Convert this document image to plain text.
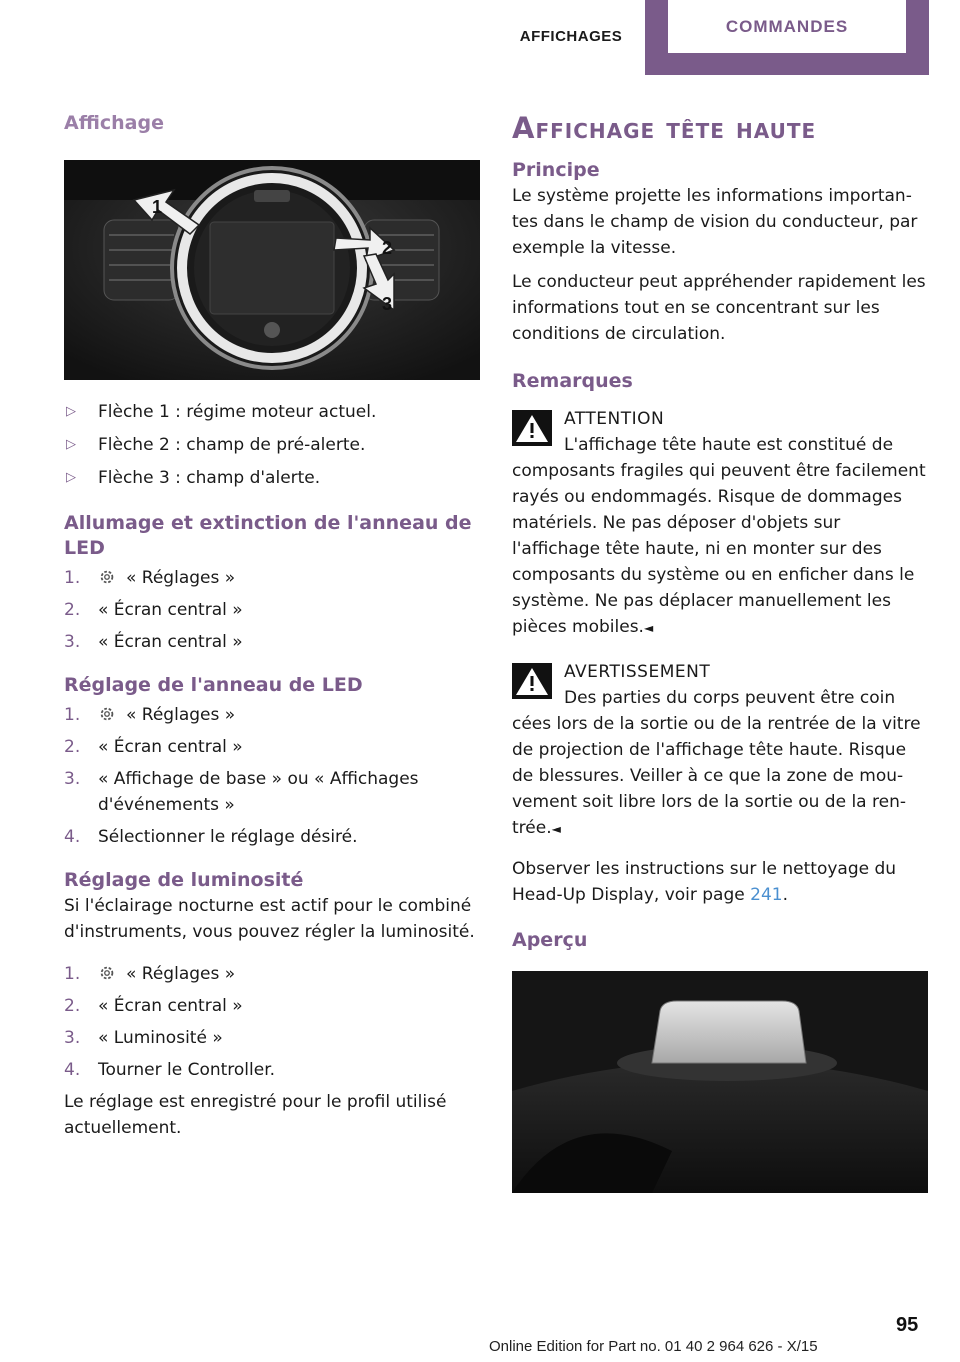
AFFICHAGES
COMMANDES
Affichage
1
2
3
▷ Flèche 1 : régime moteur actuel.
▷ Flèche 2 : champ de pré-alerte.
▷ Flèche 3 : champ d'alerte.
Allumage et extinction de l'anneau de LED
1.	« Réglages »
2. « Écran central »
3. « Écran central »
Réglage de l'anneau de LED
1.	« Réglages »
2. « Écran central »
3. « Affichage de base » ou « Affichages d'événements »
4. Sélectionner le réglage désiré.
Réglage de luminosité

Si l'éclairage nocturne est actif pour le combiné d'instruments, vous pouvez régler la luminosité.

1.	« Réglages »
2. « Écran central »
3. « Luminosité »
4. Tourner le Controller.

Le réglage est enregistré pour le profil utilisé actuellement.

Affichage tête haute
Principe

Le système projette les informations importantes dans le champ de vision du conducteur, par exemple la vitesse.

Le conducteur peut appréhender rapidement les informations tout en se concentrant sur les conditions de circulation.

Remarques
ATTENTION
L'affichage tête haute est constitué de

composants fragiles qui peuvent être facilement rayés ou endommagés. Risque de dommages matériels. Ne pas déposer d'objets sur l'affichage tête haute, ni en monter sur des composants du système ou en enficher dans le système. Ne pas déplacer manuellement les pièces mobiles.◄

AVERTISSEMENT
Des parties du corps peuvent être coin

cées lors de la sortie ou de la rentrée de la vitre de projection de l'affichage tête haute. Risque de blessures. Veiller à ce que la zone de mouvement soit libre lors de la sortie ou de la rentrée.◄

Observer les instructions sur le nettoyage du Head-Up Display, voir page 241.

Aperçu
Online Edition for Part no. 01 40 2 964 626 - X/15
95
